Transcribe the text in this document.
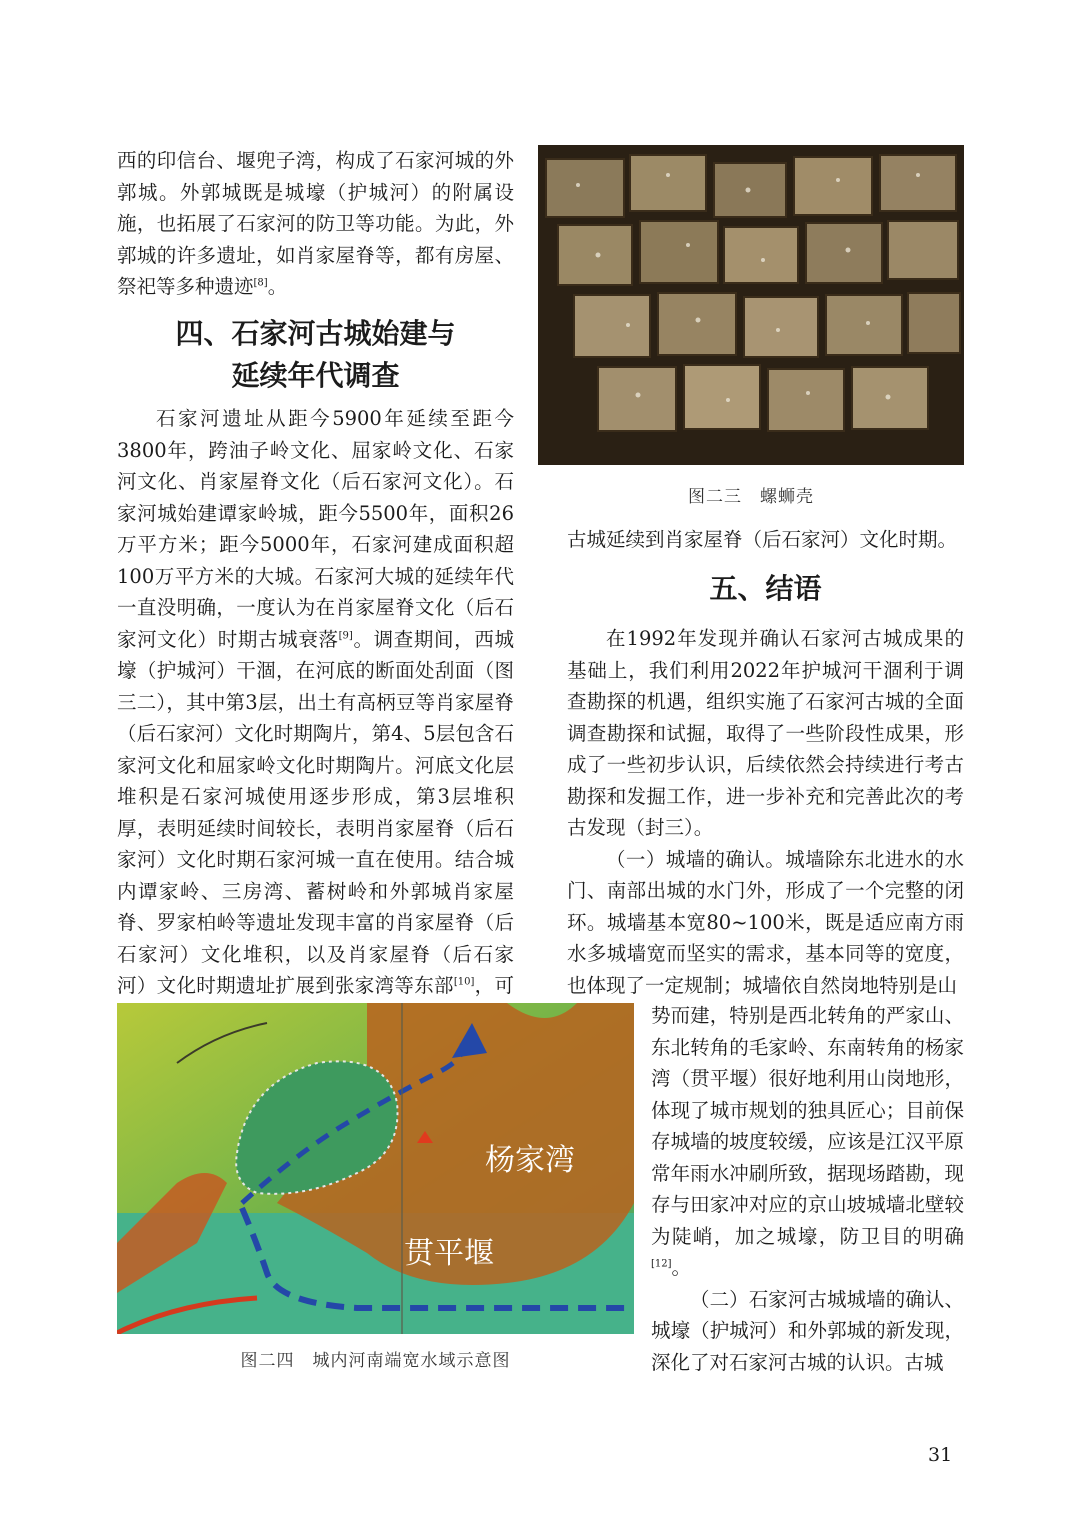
西的印信台、堰兜子湾，构成了石家河城的外郭城。外郭城既是城壕（护城河）的附属设施，也拓展了石家河的防卫等功能。为此，外郭城的许多遗址，如肖家屋脊等，都有房屋、祭祀等多种遗迹[8]。

四、石家河古城始建与
延续年代调查

石家河遗址从距今5900年延续至距今3800年，跨油子岭文化、屈家岭文化、石家河文化、肖家屋脊文化（后石家河文化）。石家河城始建谭家岭城，距今5500年，面积26万平方米；距今5000年，石家河建成面积超100万平方米的大城。石家河大城的延续年代一直没明确，一度认为在肖家屋脊文化（后石家河文化）时期古城衰落[9]。调查期间，西城壕（护城河）干涸，在河底的断面处刮面（图三二），其中第3层，出土有高柄豆等肖家屋脊（后石家河）文化时期陶片，第4、5层包含石家河文化和屈家岭文化时期陶片。河底文化层堆积是石家河城使用逐步形成，第3层堆积厚，表明延续时间较长，表明肖家屋脊（后石家河）文化时期石家河城一直在使用。结合城内谭家岭、三房湾、蓄树岭和外郭城肖家屋脊、罗家柏岭等遗址发现丰富的肖家屋脊（后石家河）文化堆积，以及肖家屋脊（后石家河）文化时期遗址扩展到张家湾等东部[10]，可

图二三　螺蛳壳

古城延续到肖家屋脊（后石家河）文化时期。

五、结语

在1992年发现并确认石家河古城成果的基础上，我们利用2022年护城河干涸利于调查勘探的机遇，组织实施了石家河古城的全面调查勘探和试掘，取得了一些阶段性成果，形成了一些初步认识，后续依然会持续进行考古勘探和发掘工作，进一步补充和完善此次的考古发现（封三）。

（一）城墙的确认。城墙除东北进水的水门、南部出城的水门外，形成了一个完整的闭环。城墙基本宽80~100米，既是适应南方雨水多城墙宽而坚实的需求，基本同等的宽度，也体现了一定规制；城墙依自然岗地特别是山

势而建，特别是西北转角的严家山、东北转角的毛家岭、东南转角的杨家湾（贯平堰）很好地利用山岗地形，体现了城市规划的独具匠心；目前保存城墙的坡度较缓，应该是江汉平原常年雨水冲刷所致，据现场踏勘，现存与田家冲对应的京山坡城墙北壁较为陡峭，加之城壕，防卫目的明确[12]。

（二）石家河古城城墙的确认、城壕（护城河）和外郭城的新发现，深化了对石家河古城的认识。古城

杨家湾
贯平堰
图二四　城内河南端宽水域示意图
31
